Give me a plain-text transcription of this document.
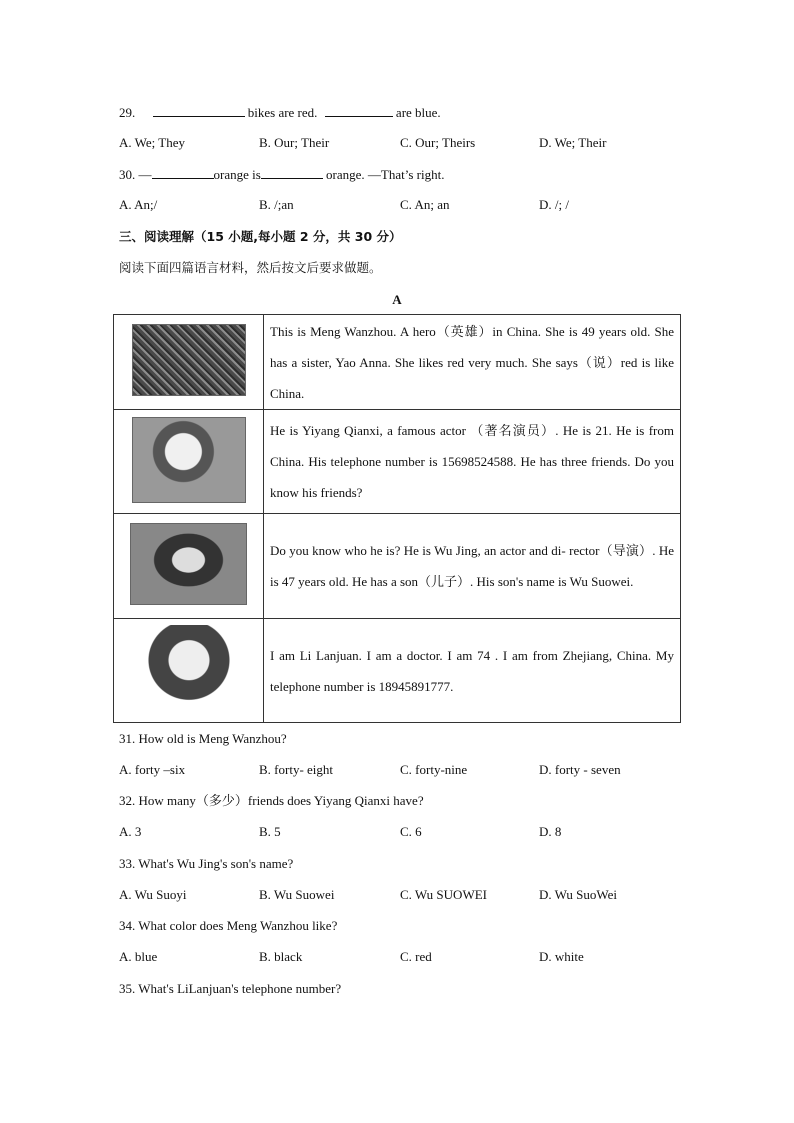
29.	bikes are red.	are blue.
A. We; They	B. Our; Their	C. Our; Theirs	D. We; Their
30. —	orange is	orange. —That’s right.
A. An;/	B. /;an	C. An; an	D. /; /
三、阅读理解（15 小题,每小题 2 分，共 30 分）
阅读下面四篇语言材料，然后按文后要求做题。
A
	This is Meng Wanzhou. A hero（英雄）in China. She is 49 years old. She has a sister, Yao Anna. She likes red very much. She says（说）red is like China.
	He is Yiyang Qianxi, a famous actor （著名演员）. He is 21. He is from China. His telephone number is 15698524588. He has three friends. Do you know his friends?
	Do you know who he is? He is Wu Jing, an actor and di- rector（导演）. He is 47 years old. He has a son（儿子）. His son's name is Wu Suowei.
	I am Li Lanjuan. I am a doctor. I am 74 . I am from Zhejiang, China. My telephone number is 18945891777.
31. How old is Meng Wanzhou?
A. forty –six	B. forty- eight	C. forty-nine	D. forty - seven
32. How many（多少）friends does Yiyang Qianxi have?
A. 3	B. 5	C. 6	D. 8
33. What's Wu Jing's son's name?
A. Wu Suoyi	B. Wu Suowei	C. Wu SUOWEI	D. Wu SuoWei
34. What color does Meng Wanzhou like?
A. blue	B. black	C. red	D. white
35. What's LiLanjuan's telephone number?
